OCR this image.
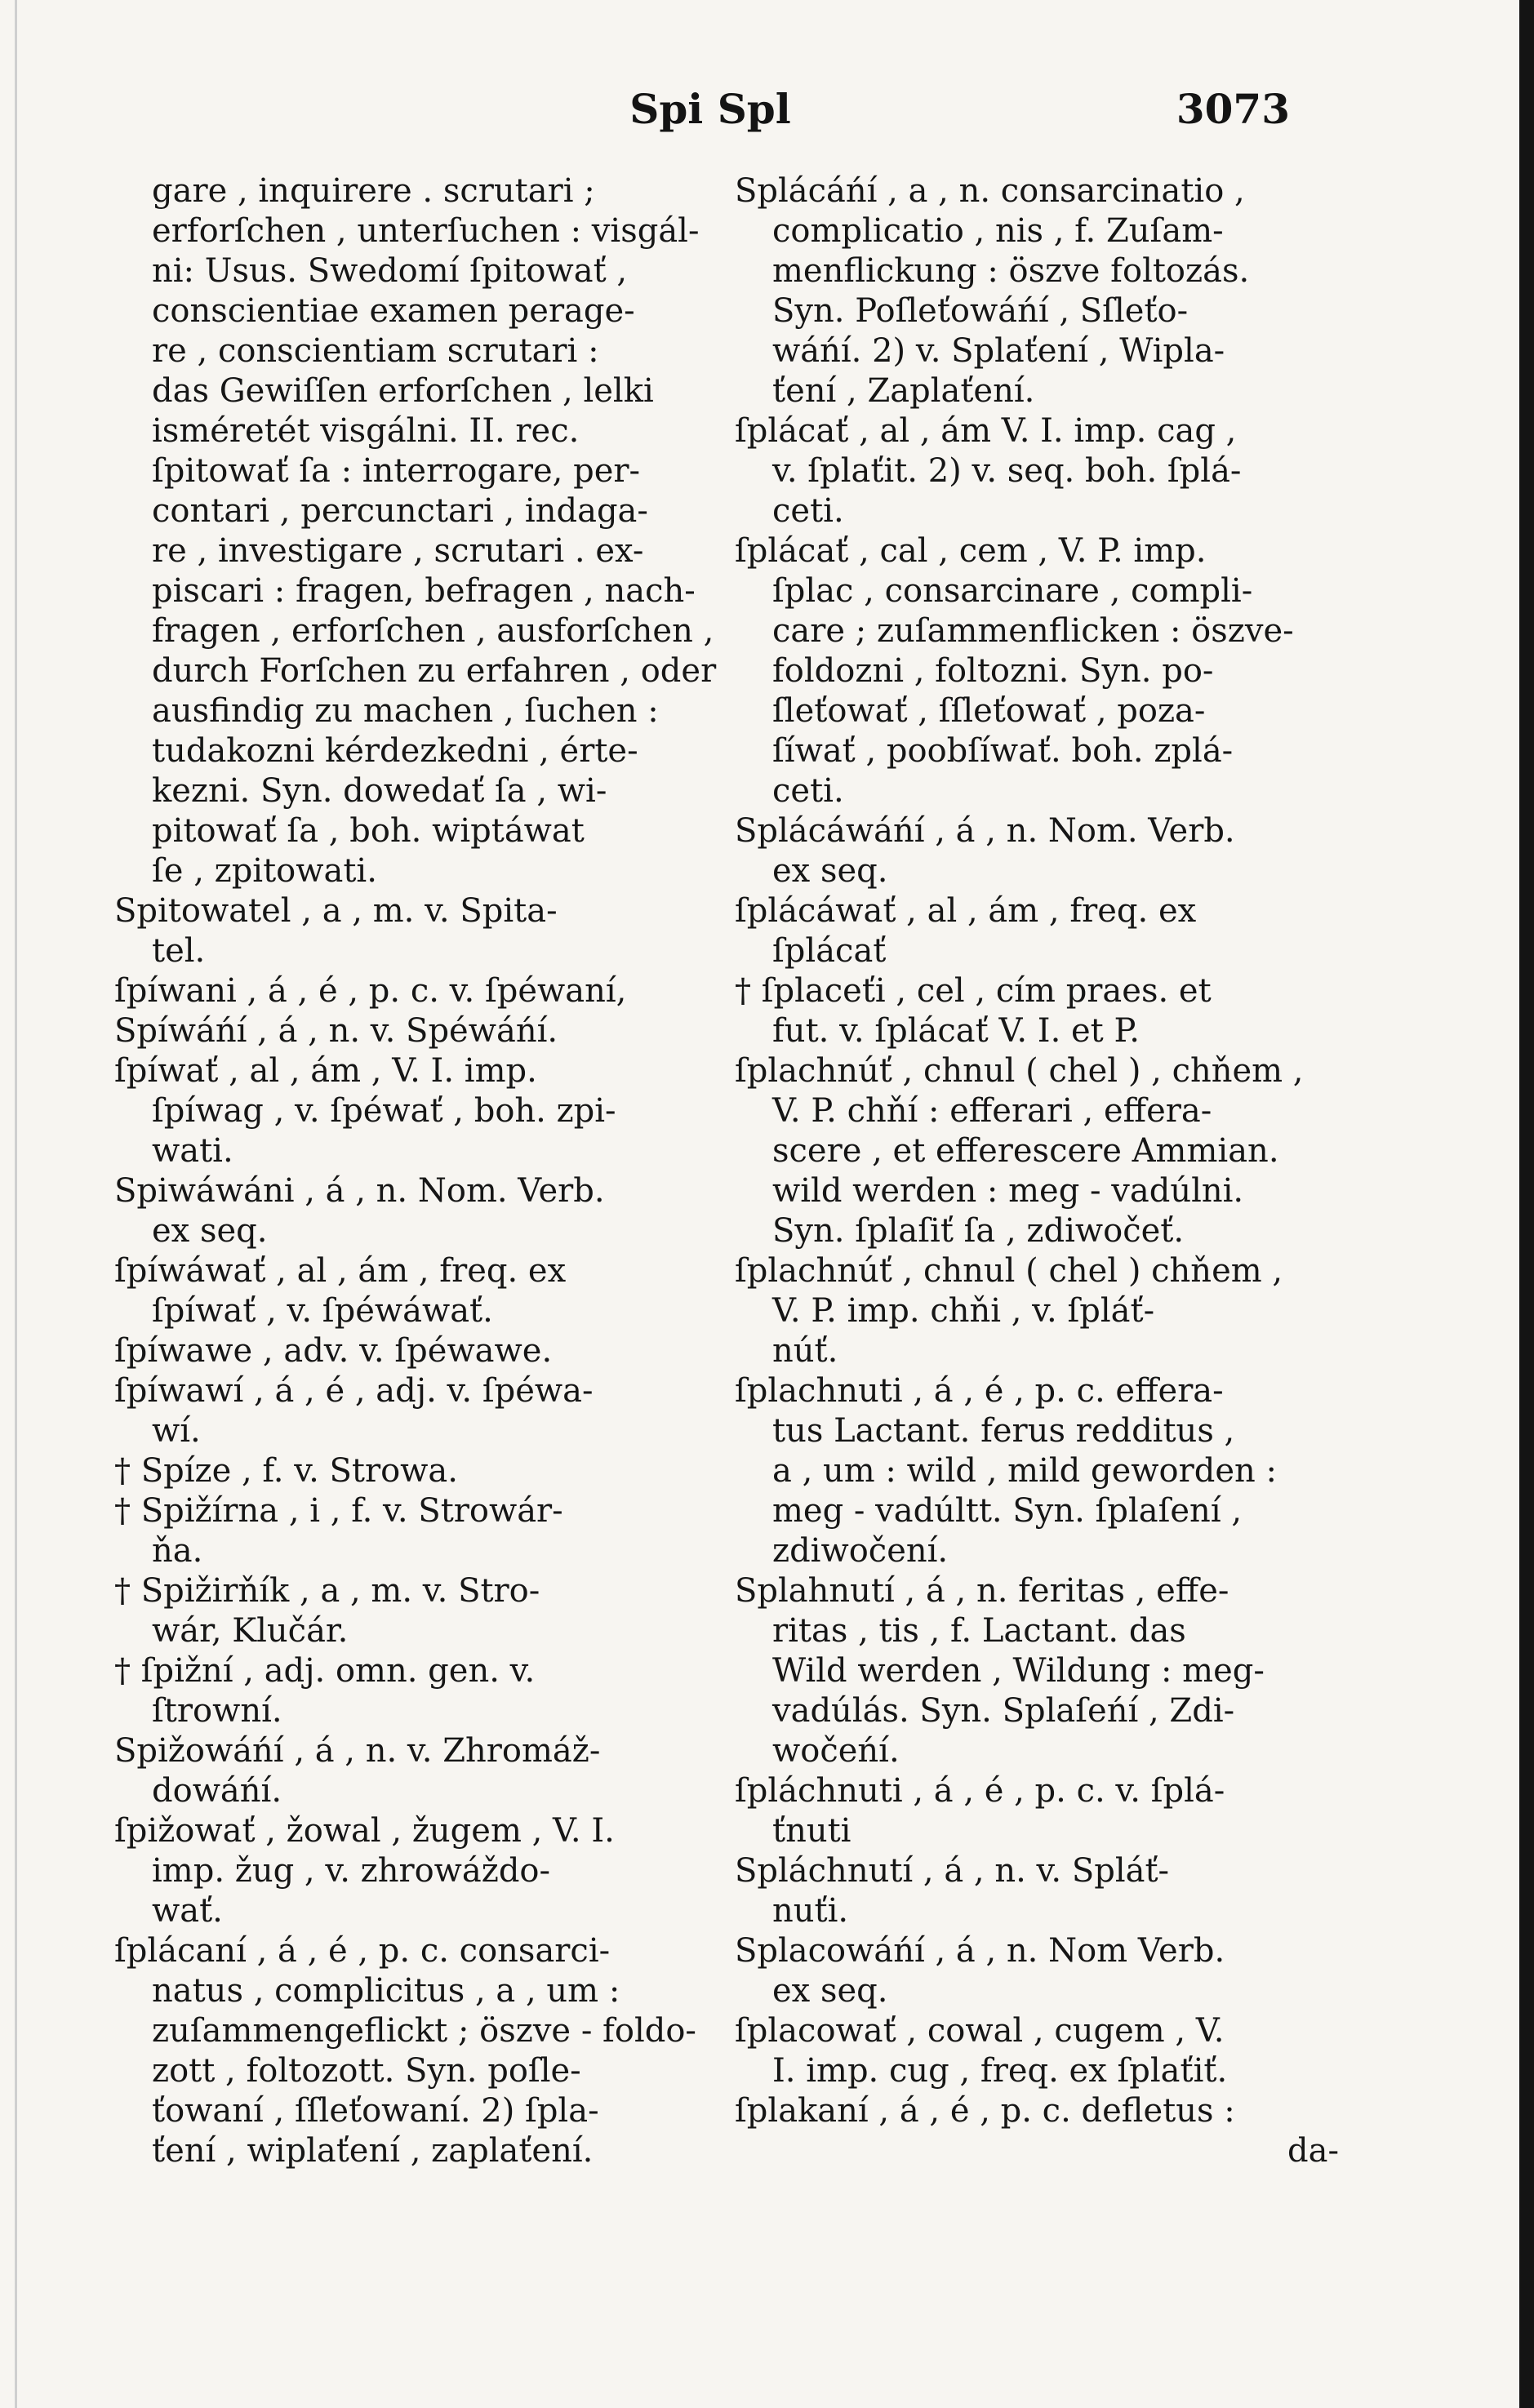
Spi Spl	3073
gare , inquirere . scrutari ;
erforſchen , unterſuchen : visgál-
ni: Usus. Swedomí ſpitowať ,
conscientiae examen perage-
re , conscientiam scrutari :
das Gewiſſen erforſchen , lelki
isméretét visgálni. II. rec.
ſpitowať ſa : interrogare, per-
contari , percunctari , indaga-
re , investigare , scrutari . ex-
piscari : fragen, befragen , nach-
fragen , erforſchen , ausforſchen ,
durch Forſchen zu erfahren , oder
ausfindig zu machen , ſuchen :
tudakozni kérdezkedni , érte-
kezni. Syn. dowedať ſa , wi-
pitowať ſa , boh. wiptáwat
ſe , zpitowati.
Spitowatel , a , m. v. Spita-
tel.
ſpíwani , á , é , p. c. v. ſpéwaní,
Spíwáńí , á , n. v. Spéwáńí.
ſpíwať , al , ám , V. I. imp.
ſpíwag , v. ſpéwať , boh. zpi-
wati.
Spiwáwáni , á , n. Nom. Verb.
ex seq.
ſpíwáwať , al , ám , freq. ex
ſpíwať , v. ſpéwáwať.
ſpíwawe , adv. v. ſpéwawe.
ſpíwawí , á , é , adj. v. ſpéwa-
wí.
† Spíze , f. v. Strowa.
† Spižírna , i , f. v. Strowár-
ňa.
† Spižirňík , a , m. v. Stro-
wár, Klučár.
† ſpižní , adj. omn. gen. v.
ſtrowní.
Spižowáńí , á , n. v. Zhromáž-
dowáńí.
ſpižowať , žowal , žugem , V. I.
imp. žug , v. zhrowáždo-
wať.
ſplácaní , á , é , p. c. consarci-
natus , complicitus , a , um :
zuſammengeflickt ; öszve - foldo-
zott , foltozott. Syn. poſle-
ťowaní , ſſleťowaní. 2) ſpla-
ťení , wiplaťení , zaplaťení.
Splácáńí , a , n. consarcinatio ,
complicatio , nis , f. Zuſam-
menflickung : öszve foltozás.
Syn. Poſleťowáńí , Sſleťo-
wáńí. 2) v. Splaťení , Wipla-
ťení , Zaplaťení.
ſplácať , al , ám V. I. imp. cag ,
v. ſplaťit. 2) v. seq. boh. ſplá-
ceti.
ſplácať , cal , cem , V. P. imp.
ſplac , consarcinare , compli-
care ; zuſammenflicken : öszve-
foldozni , foltozni. Syn. po-
ſleťowať , ſſleťowať , poza-
ſíwať , poobſíwať. boh. zplá-
ceti.
Splácáwáńí , á , n. Nom. Verb.
ex seq.
ſplácáwať , al , ám , freq. ex
ſplácať
† ſplaceťi , cel , cím praes. et
fut. v. ſplácať V. I. et P.
ſplachnúť , chnul ( chel ) , chňem ,
V. P. chňí : efferari , effera-
scere , et efferescere Ammian.
wild werden : meg - vadúlni.
Syn. ſplaſiť ſa , zdiwočeť.
ſplachnúť , chnul ( chel ) chňem ,
V. P. imp. chňi , v. ſpláť-
núť.
ſplachnuti , á , é , p. c. effera-
tus Lactant. ferus redditus ,
a , um : wild , mild geworden :
meg - vadúltt. Syn. ſplaſení ,
zdiwočení.
Splahnutí , á , n. feritas , effe-
ritas , tis , f. Lactant. das
Wild werden , Wildung : meg-
vadúlás. Syn. Splaſeńí , Zdi-
wočeńí.
ſpláchnuti , á , é , p. c. v. ſplá-
ťnuti
Spláchnutí , á , n. v. Spláť-
nuťi.
Splacowáńí , á , n. Nom Verb.
ex seq.
ſplacowať , cowal , cugem , V.
I. imp. cug , freq. ex ſplaťiť.
ſplakaní , á , é , p. c. defletus :
da-
